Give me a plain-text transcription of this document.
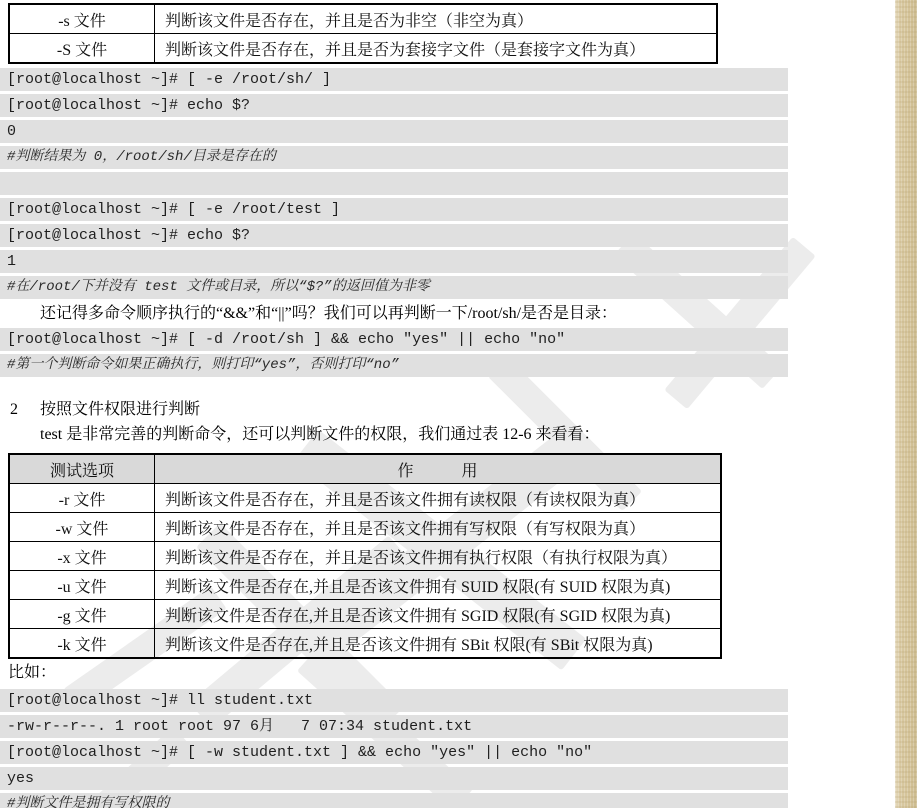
-s 文件	判断该文件是否存在，并且是否为非空（非空为真）
-S 文件	判断该文件是否存在，并且是否为套接字文件（是套接字文件为真）
[root@localhost ~]# [ -e /root/sh/ ]
[root@localhost ~]# echo $?
0
#判断结果为 0，/root/sh/目录是存在的
[root@localhost ~]# [ -e /root/test ]
[root@localhost ~]# echo $?
1
#在/root/下并没有 test 文件或目录，所以“$?”的返回值为非零
还记得多命令顺序执行的“&&”和“||”吗？我们可以再判断一下/root/sh/是否是目录：
[root@localhost ~]# [ -d /root/sh ] && echo ″yes″ || echo ″no″
#第一个判断命令如果正确执行，则打印“yes”，否则打印“no”
2 按照文件权限进行判断
test 是非常完善的判断命令，还可以判断文件的权限，我们通过表 12-6 来看看：
测试选项	作            用
-r 文件	判断该文件是否存在，并且是否该文件拥有读权限（有读权限为真）
-w 文件	判断该文件是否存在，并且是否该文件拥有写权限（有写权限为真）
-x 文件	判断该文件是否存在，并且是否该文件拥有执行权限（有执行权限为真）
-u 文件	判断该文件是否存在,并且是否该文件拥有 SUID 权限(有 SUID 权限为真)
-g 文件	判断该文件是否存在,并且是否该文件拥有 SGID 权限(有 SGID 权限为真)
-k 文件	判断该文件是否存在,并且是否该文件拥有 SBit 权限(有 SBit 权限为真)
比如：
[root@localhost ~]# ll student.txt
-rw-r--r--. 1 root root 97 6月   7 07:34 student.txt
[root@localhost ~]# [ -w student.txt ] && echo ″yes″ || echo ″no″
yes
#判断文件是拥有写权限的
